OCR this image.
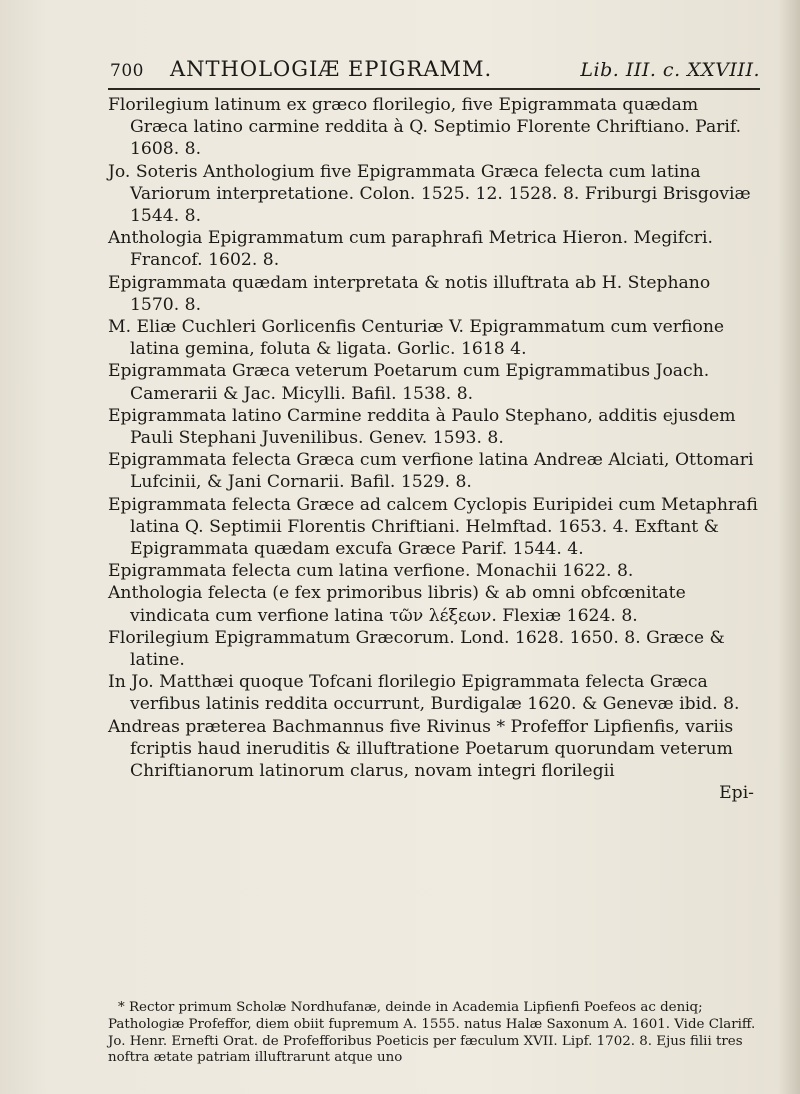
700 ANTHOLOGIÆ EPIGRAMM.	Lib. III. c. XXVIII.
Florilegium latinum ex græco florilegio, five Epigrammata quædam Græca latino carmine reddita à Q. Septimio Florente Chriftiano. Parif. 1608. 8.
Jo. Soteris Anthologium five Epigrammata Græca felecta cum latina Variorum interpretatione. Colon. 1525. 12. 1528. 8. Friburgi Brisgoviæ 1544. 8.
Anthologia Epigrammatum cum paraphrafi Metrica Hieron. Megifcri. Francof. 1602. 8.
Epigrammata quædam interpretata & notis illuftrata ab H. Stephano 1570. 8.
M. Eliæ Cuchleri Gorlicenfis Centuriæ V. Epigrammatum cum verfione latina gemina, foluta & ligata. Gorlic. 1618 4.
Epigrammata Græca veterum Poetarum cum Epigrammatibus Joach. Camerarii & Jac. Micylli. Bafil. 1538. 8.
Epigrammata latino Carmine reddita à Paulo Stephano, additis ejusdem Pauli Stephani Juvenilibus. Genev. 1593. 8.
Epigrammata felecta Græca cum verfione latina Andreæ Alciati, Ottomari Lufcinii, & Jani Cornarii. Bafil. 1529. 8.
Epigrammata felecta Græce ad calcem Cyclopis Euripidei cum Metaphrafi latina Q. Septimii Florentis Chriftiani. Helmftad. 1653. 4. Exftant & Epigrammata quædam excufa Græce Parif. 1544. 4.
Epigrammata felecta cum latina verfione. Monachii 1622. 8.
Anthologia felecta (e fex primoribus libris) & ab omni obfcœnitate vindicata cum verfione latina τῶν λέξεων. Flexiæ 1624. 8.
Florilegium Epigrammatum Græcorum. Lond. 1628. 1650. 8. Græce & latine.
In Jo. Matthæi quoque Tofcani florilegio Epigrammata felecta Græca verfibus latinis reddita occurrunt, Burdigalæ 1620. & Genevæ ibid. 8.
Andreas præterea Bachmannus five Rivinus * Profeffor Lipfienfis, variis fcriptis haud ineruditis & illuftratione Poetarum quorundam veterum Chriftianorum latinorum clarus, novam integri florilegii
Epi-
* Rector primum Scholæ Nordhufanæ, deinde in Academia Lipfienfi Poefeos ac deniq; Pathologiæ Profeffor, diem obiit fupremum A. 1555. natus Halæ Saxonum A. 1601. Vide Clariff. Jo. Henr. Ernefti Orat. de Profefforibus Poeticis per fæculum XVII. Lipf. 1702. 8. Ejus filii tres noftra ætate patriam illuftrarunt atque uno
